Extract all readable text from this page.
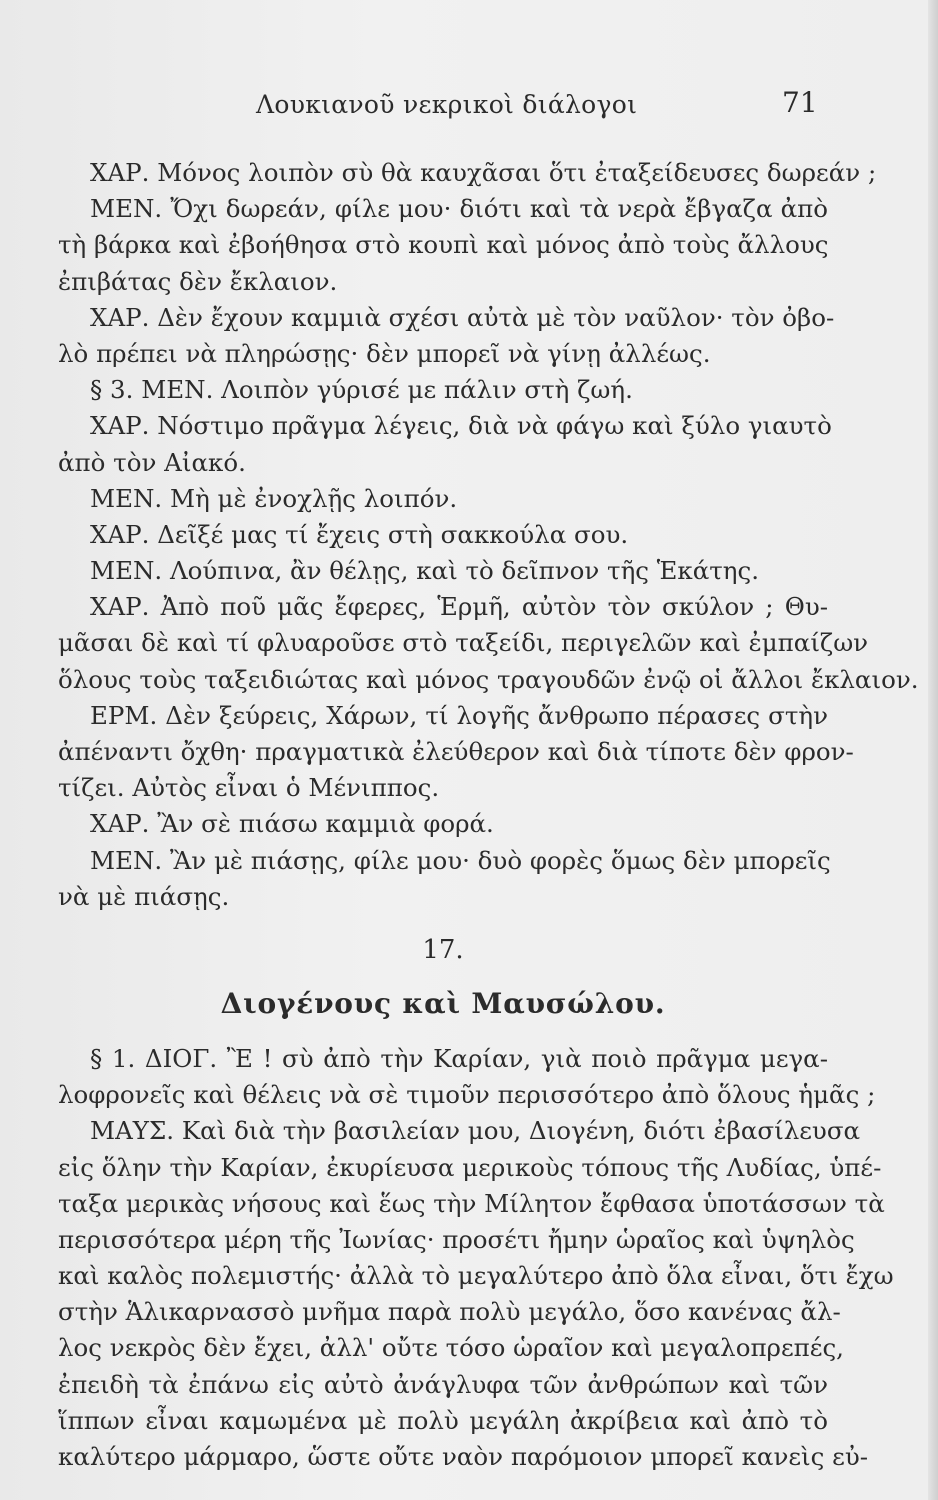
Λουκιανοῦ νεκρικοὶ διάλογοι	71
ΧΑΡ. Μόνος λοιπὸν σὺ θὰ καυχᾶσαι ὅτι ἐταξείδευσες δωρεάν ;
ΜΕΝ. Ὄχι δωρεάν, φίλε μου· διότι καὶ τὰ νερὰ ἔβγαζα ἀπὸ
τὴ βάρκα καὶ ἐβοήθησα στὸ κουπὶ καὶ μόνος ἀπὸ τοὺς ἄλλους
ἐπιβάτας δὲν ἔκλαιον.
ΧΑΡ. Δὲν ἔχουν καμμιὰ σχέσι αὐτὰ μὲ τὸν ναῦλον· τὸν ὀβο-
λὸ πρέπει νὰ πληρώσῃς· δὲν μπορεῖ νὰ γίνῃ ἀλλέως.
§ 3. ΜΕΝ. Λοιπὸν γύρισέ με πάλιν στὴ ζωή.
ΧΑΡ. Νόστιμο πρᾶγμα λέγεις, διὰ νὰ φάγω καὶ ξύλο γιαυτὸ
ἀπὸ τὸν Αἰακό.
ΜΕΝ. Μὴ μὲ ἐνοχλῇς λοιπόν.
ΧΑΡ. Δεῖξέ μας τί ἔχεις στὴ σακκούλα σου.
ΜΕΝ. Λούπινα, ἂν θέλῃς, καὶ τὸ δεῖπνον τῆς Ἑκάτης.
ΧΑΡ. Ἀπὸ ποῦ μᾶς ἔφερες, Ἑρμῆ, αὐτὸν τὸν σκύλον ; Θυ-
μᾶσαι δὲ καὶ τί φλυαροῦσε στὸ ταξείδι, περιγελῶν καὶ ἐμπαίζων
ὅλους τοὺς ταξειδιώτας καὶ μόνος τραγουδῶν ἐνῷ οἱ ἄλλοι ἔκλαιον.
ΕΡΜ. Δὲν ξεύρεις, Χάρων, τί λογῆς ἄνθρωπο πέρασες στὴν
ἀπέναντι ὄχθη· πραγματικὰ ἐλεύθερον καὶ διὰ τίποτε δὲν φρον-
τίζει. Αὐτὸς εἶναι ὁ Μένιππος.
ΧΑΡ. Ἂν σὲ πιάσω καμμιὰ φορά.
ΜΕΝ. Ἂν μὲ πιάσῃς, φίλε μου· δυὸ φορὲς ὅμως δὲν μπορεῖς
νὰ μὲ πιάσῃς.
17.
Διογένους καὶ Μαυσώλου.
§ 1. ΔΙΟΓ. Ἒ ! σὺ ἀπὸ τὴν Καρίαν, γιὰ ποιὸ πρᾶγμα μεγα-
λοφρονεῖς καὶ θέλεις νὰ σὲ τιμοῦν περισσότερο ἀπὸ ὅλους ἡμᾶς ;
ΜΑΥΣ. Καὶ διὰ τὴν βασιλείαν μου, Διογένη, διότι ἐβασίλευσα
εἰς ὅλην τὴν Καρίαν, ἐκυρίευσα μερικοὺς τόπους τῆς Λυδίας, ὑπέ-
ταξα μερικὰς νήσους καὶ ἕως τὴν Μίλητον ἔφθασα ὑποτάσσων τὰ
περισσότερα μέρη τῆς Ἰωνίας· προσέτι ἤμην ὡραῖος καὶ ὑψηλὸς
καὶ καλὸς πολεμιστής· ἀλλὰ τὸ μεγαλύτερο ἀπὸ ὅλα εἶναι, ὅτι ἔχω
στὴν Ἁλικαρνασσὸ μνῆμα παρὰ πολὺ μεγάλο, ὅσο κανένας ἄλ-
λος νεκρὸς δὲν ἔχει, ἀλλ' οὔτε τόσο ὡραῖον καὶ μεγαλοπρεπές,
ἐπειδὴ τὰ ἐπάνω εἰς αὐτὸ ἀνάγλυφα τῶν ἀνθρώπων καὶ τῶν
ἵππων εἶναι καμωμένα μὲ πολὺ μεγάλη ἀκρίβεια καὶ ἀπὸ τὸ
καλύτερο μάρμαρο, ὥστε οὔτε ναὸν παρόμοιον μπορεῖ κανεὶς εὐ-
